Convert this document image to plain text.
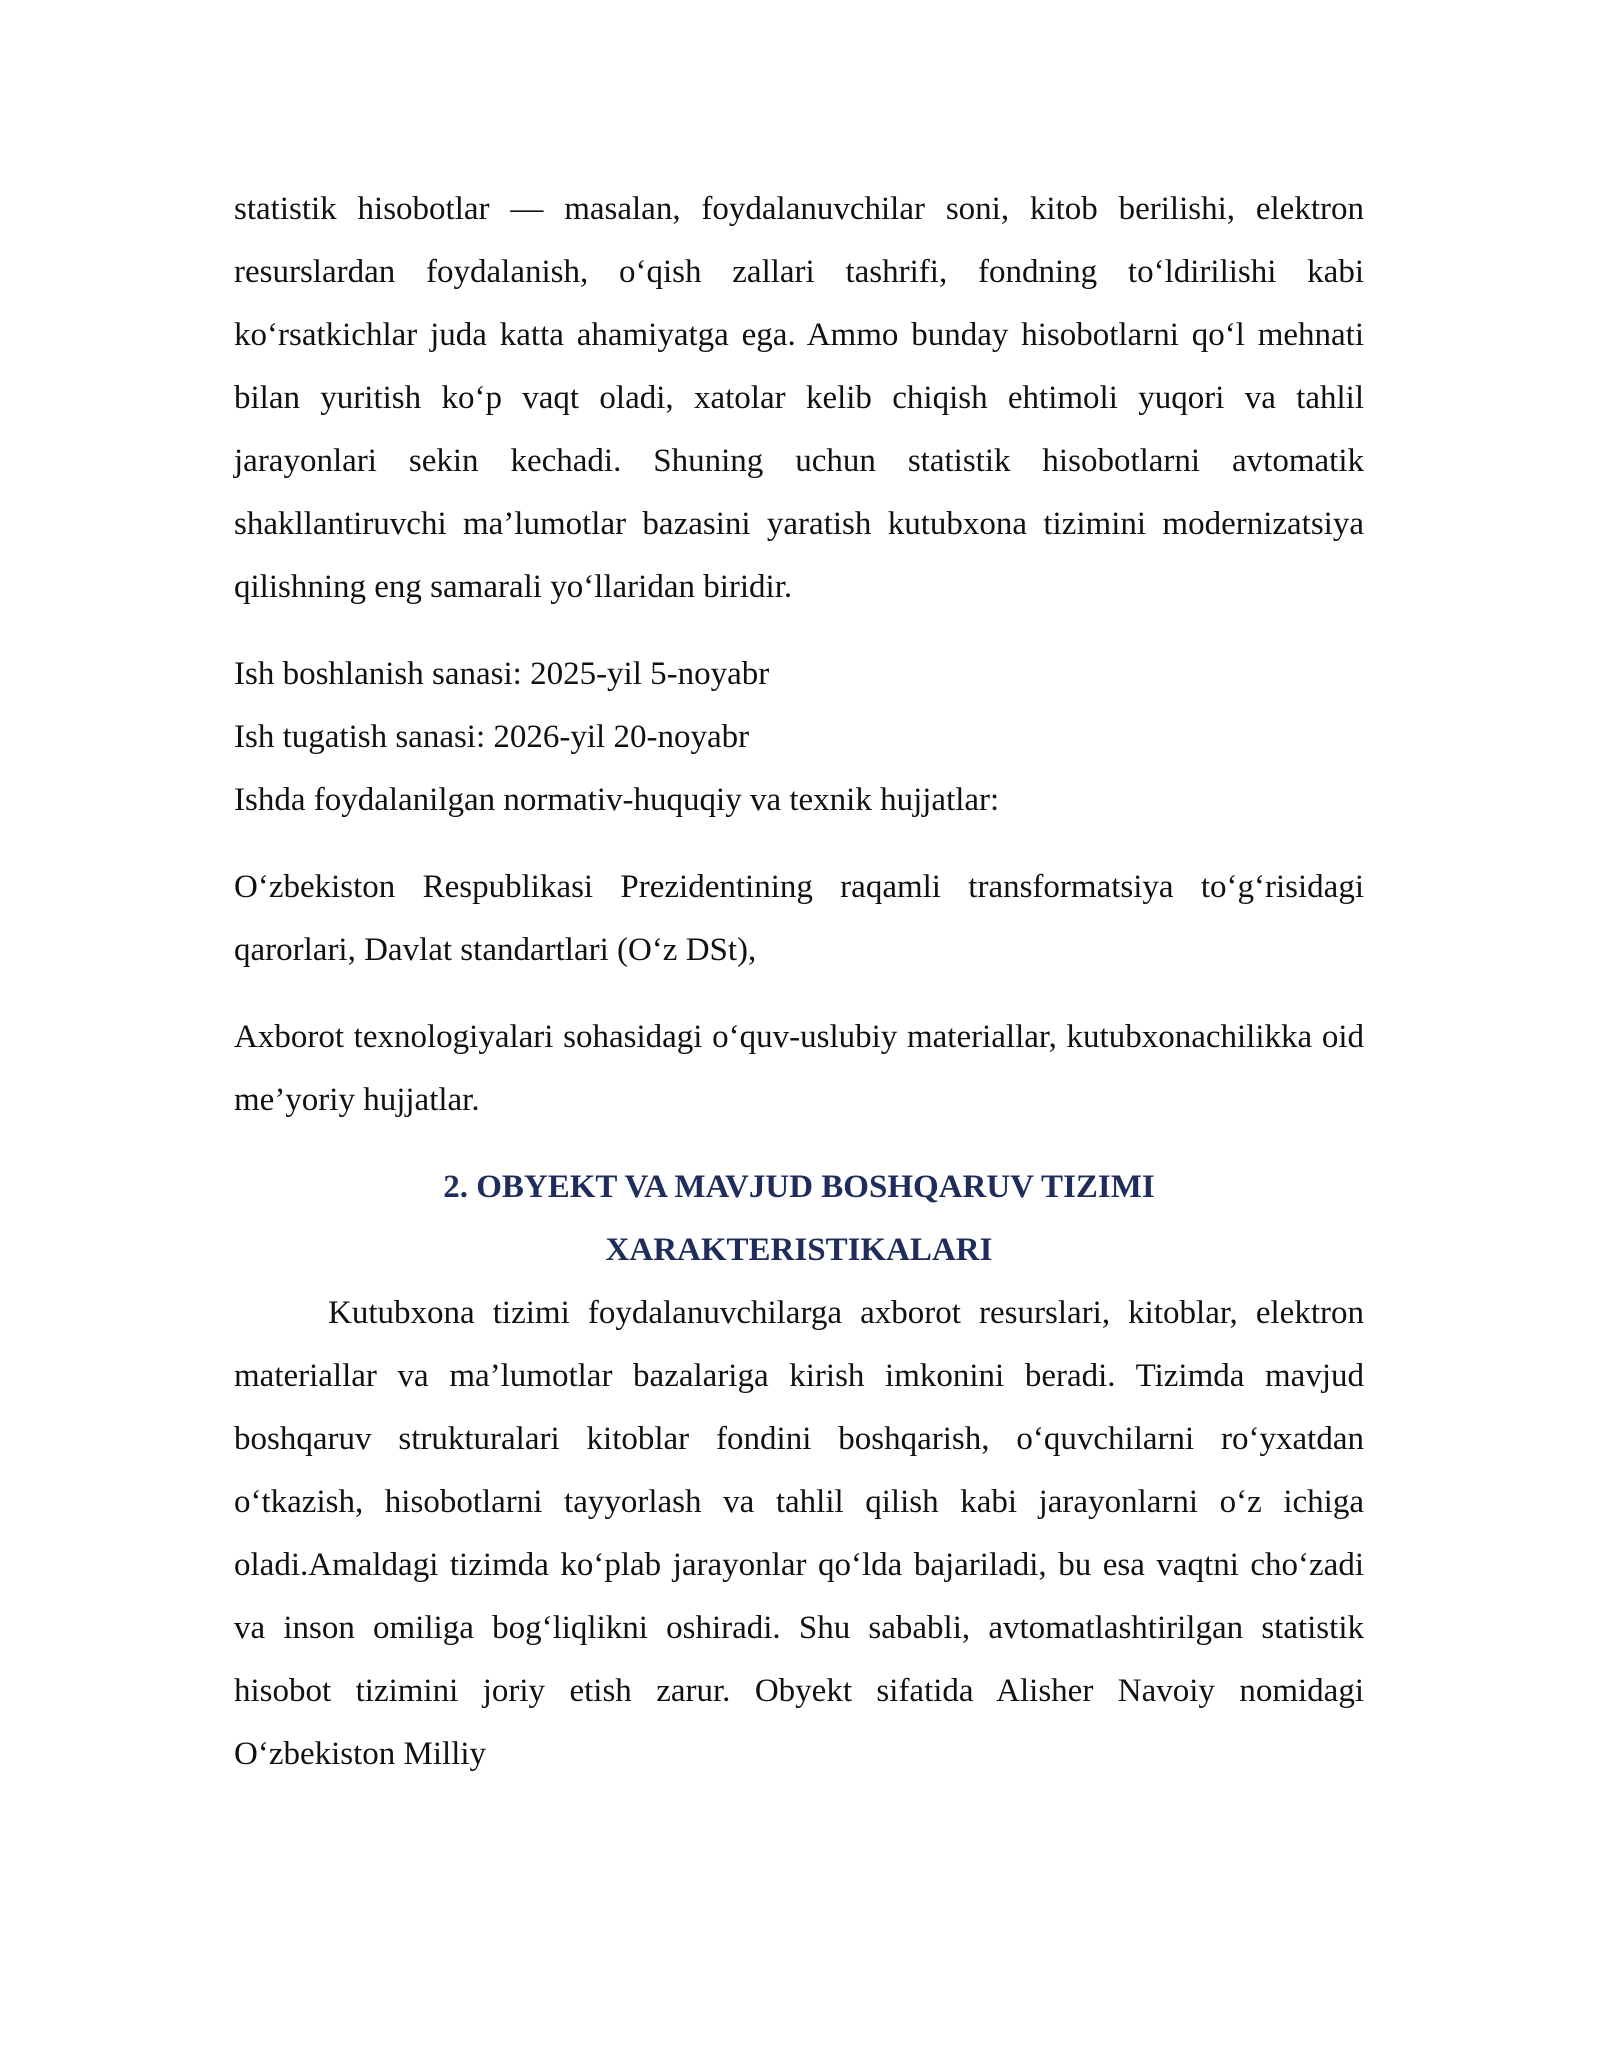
statistik hisobotlar — masalan, foydalanuvchilar soni, kitob berilishi, elektron resurslardan foydalanish, o‘qish zallari tashrifi, fondning to‘ldirilishi kabi ko‘rsatkichlar juda katta ahamiyatga ega. Ammo bunday hisobotlarni qo‘l mehnati bilan yuritish ko‘p vaqt oladi, xatolar kelib chiqish ehtimoli yuqori va tahlil jarayonlari sekin kechadi. Shuning uchun statistik hisobotlarni avtomatik shakllantiruvchi ma’lumotlar bazasini yaratish kutubxona tizimini modernizatsiya qilishning eng samarali yo‘llaridan biridir.

Ish boshlanish sanasi: 2025-yil 5-noyabr

Ish tugatish sanasi: 2026-yil 20-noyabr

Ishda foydalanilgan normativ-huquqiy va texnik hujjatlar:

O‘zbekiston Respublikasi Prezidentining raqamli transformatsiya to‘g‘risidagi qarorlari, Davlat standartlari (O‘z DSt),

Axborot texnologiyalari sohasidagi o‘quv-uslubiy materiallar, kutubxonachilikka oid me’yoriy hujjatlar.

2. OBYEKT VA MAVJUD BOSHQARUV TIZIMI
XARAKTERISTIKALARI

Kutubxona tizimi foydalanuvchilarga axborot resurslari, kitoblar, elektron materiallar va ma’lumotlar bazalariga kirish imkonini beradi. Tizimda mavjud boshqaruv strukturalari kitoblar fondini boshqarish, o‘quvchilarni ro‘yxatdan o‘tkazish, hisobotlarni tayyorlash va tahlil qilish kabi jarayonlarni o‘z ichiga oladi.Amaldagi tizimda ko‘plab jarayonlar qo‘lda bajariladi, bu esa vaqtni cho‘zadi va inson omiliga bog‘liqlikni oshiradi. Shu sababli, avtomatlashtirilgan statistik hisobot tizimini joriy etish zarur. Obyekt sifatida Alisher Navoiy nomidagi O‘zbekiston Milliy
